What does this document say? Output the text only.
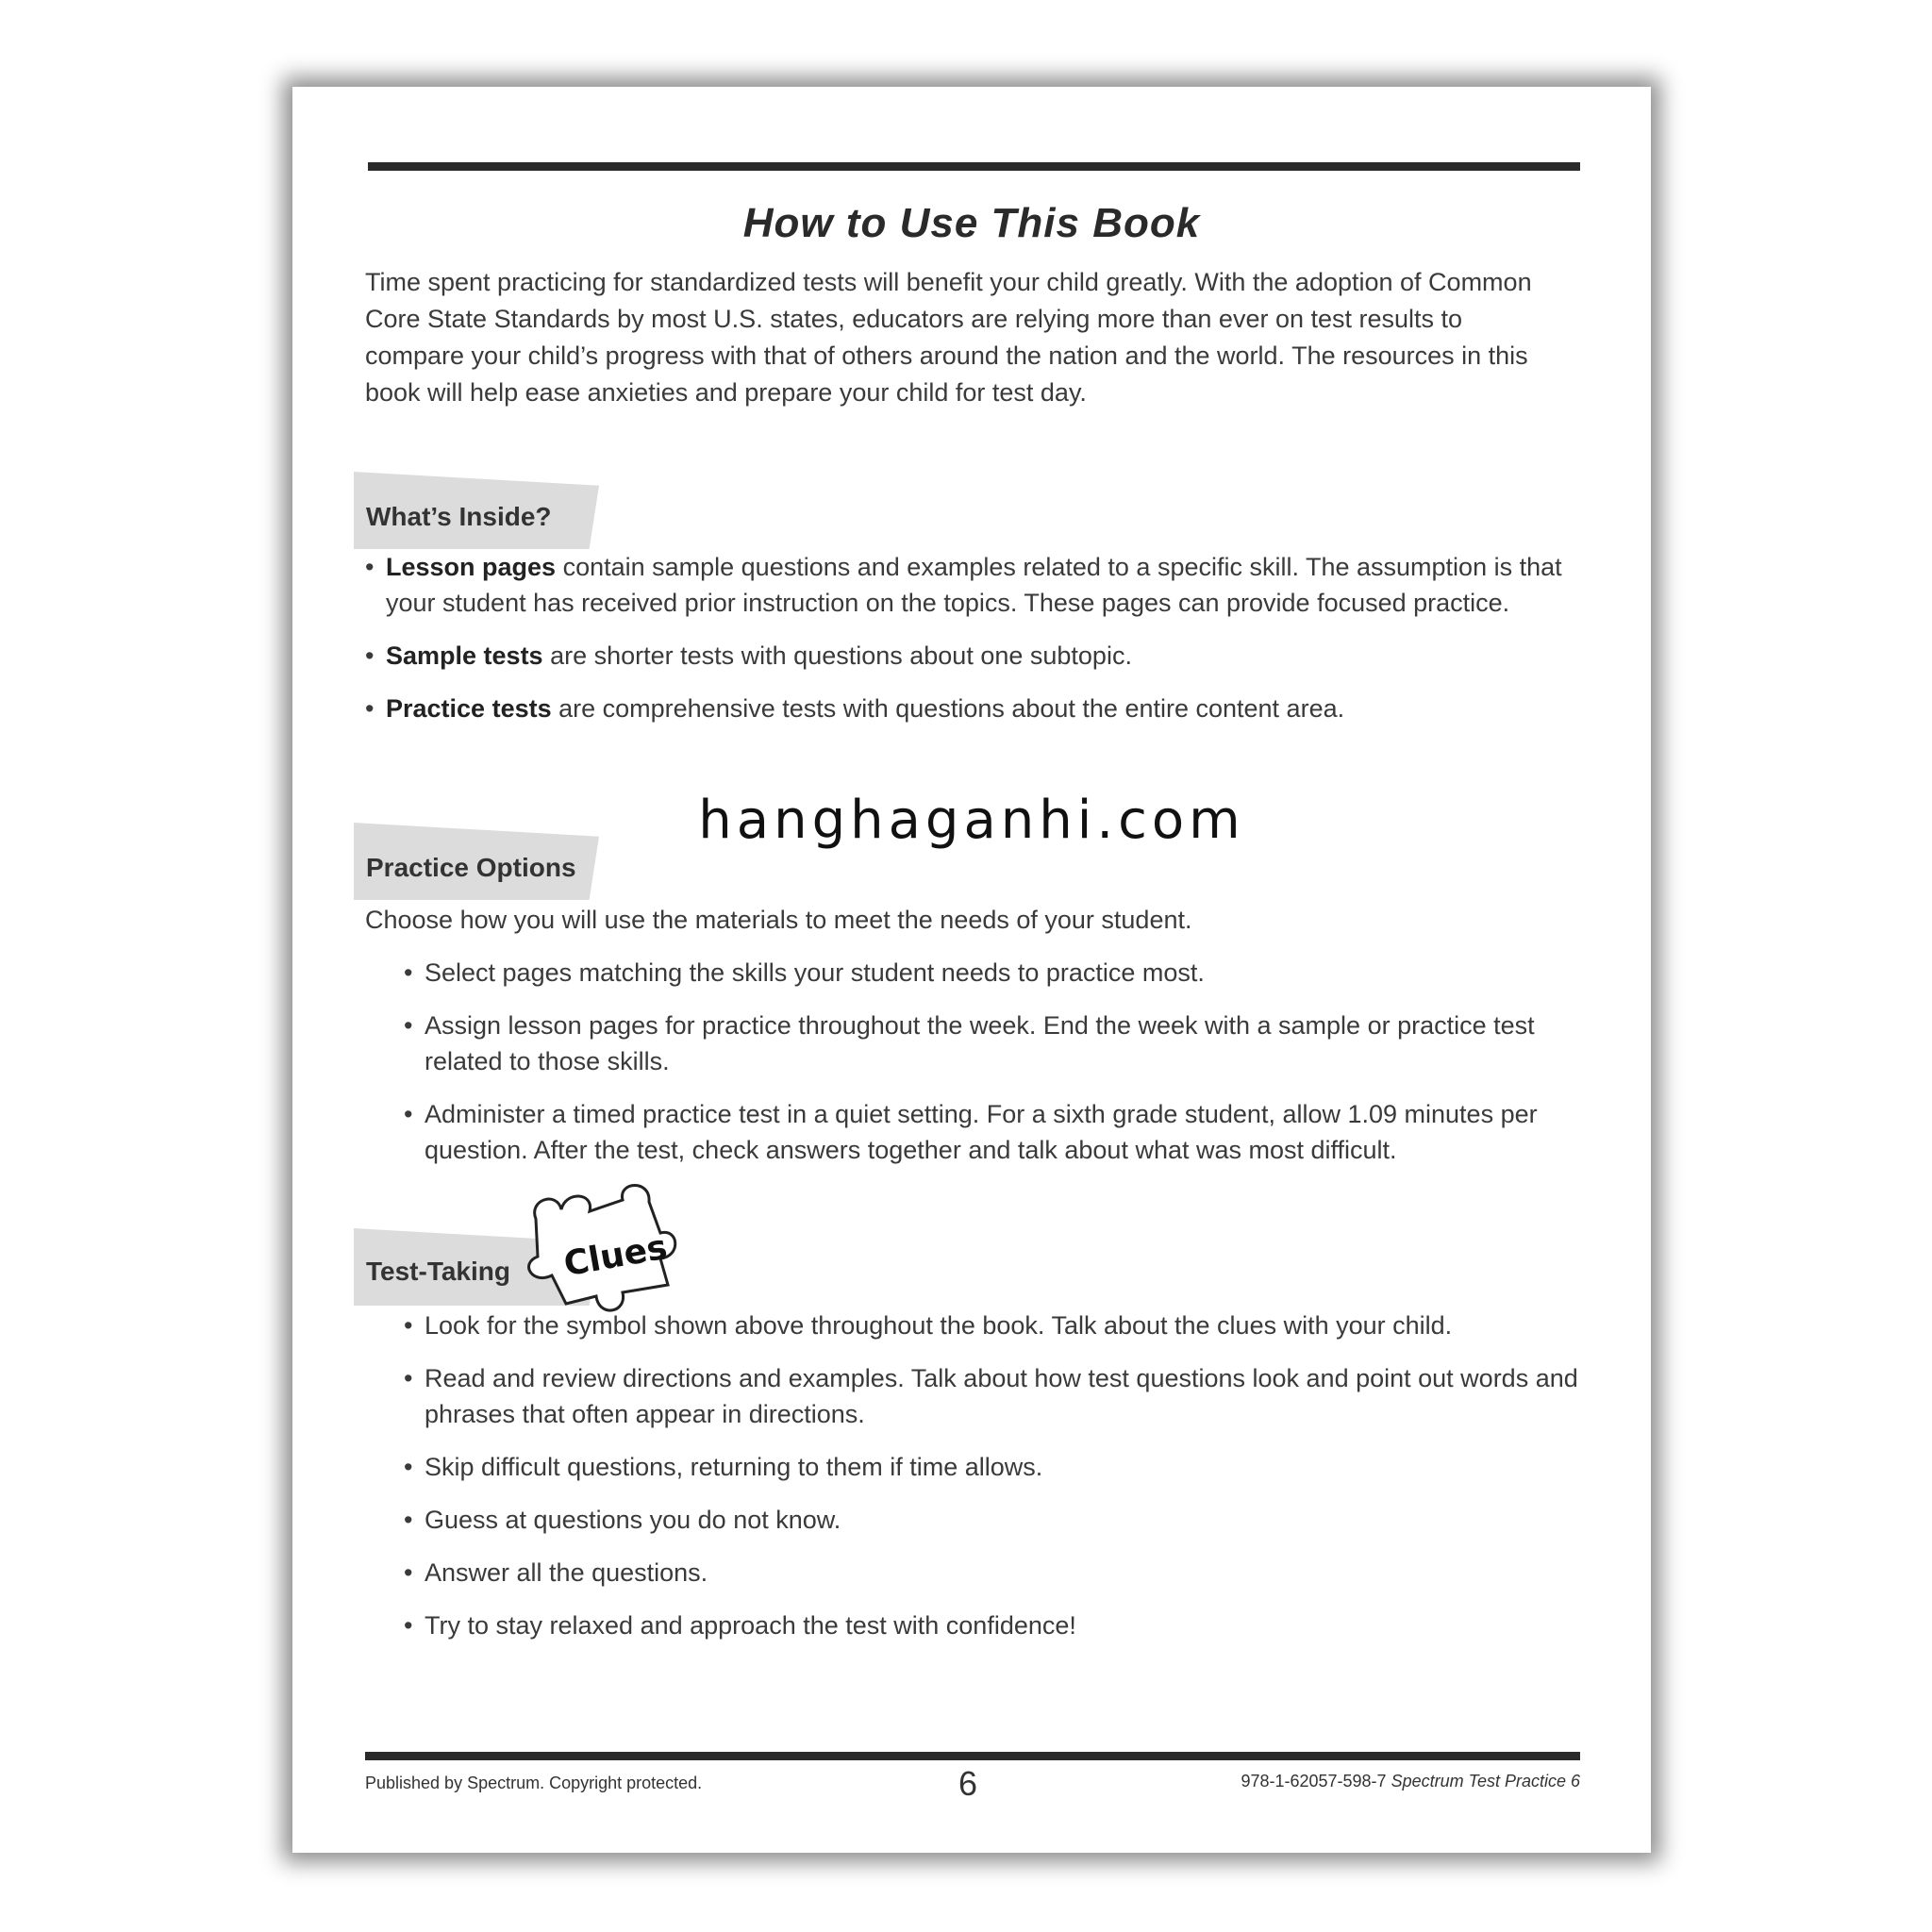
How to Use This Book
Time spent practicing for standardized tests will benefit your child greatly. With the adoption of Common Core State Standards by most U.S. states, educators are relying more than ever on test results to compare your child’s progress with that of others around the nation and the world. The resources in this book will help ease anxieties and prepare your child for test day.
What’s Inside?
• Lesson pages contain sample questions and examples related to a specific skill. The assumption is that your student has received prior instruction on the topics. These pages can provide focused practice.
• Sample tests are shorter tests with questions about one subtopic.
• Practice tests are comprehensive tests with questions about the entire content area.
hanghaganhi.com
Practice Options
Choose how you will use the materials to meet the needs of your student.
• Select pages matching the skills your student needs to practice most.
• Assign lesson pages for practice throughout the week. End the week with a sample or practice test related to those skills.
• Administer a timed practice test in a quiet setting. For a sixth grade student, allow 1.09 minutes per question. After the test, check answers together and talk about what was most difficult.
Test-Taking Clues
• Look for the symbol shown above throughout the book. Talk about the clues with your child.
• Read and review directions and examples. Talk about how test questions look and point out words and phrases that often appear in directions.
• Skip difficult questions, returning to them if time allows.
• Guess at questions you do not know.
• Answer all the questions.
• Try to stay relaxed and approach the test with confidence!
Published by Spectrum. Copyright protected.	6	978-1-62057-598-7 Spectrum Test Practice 6
